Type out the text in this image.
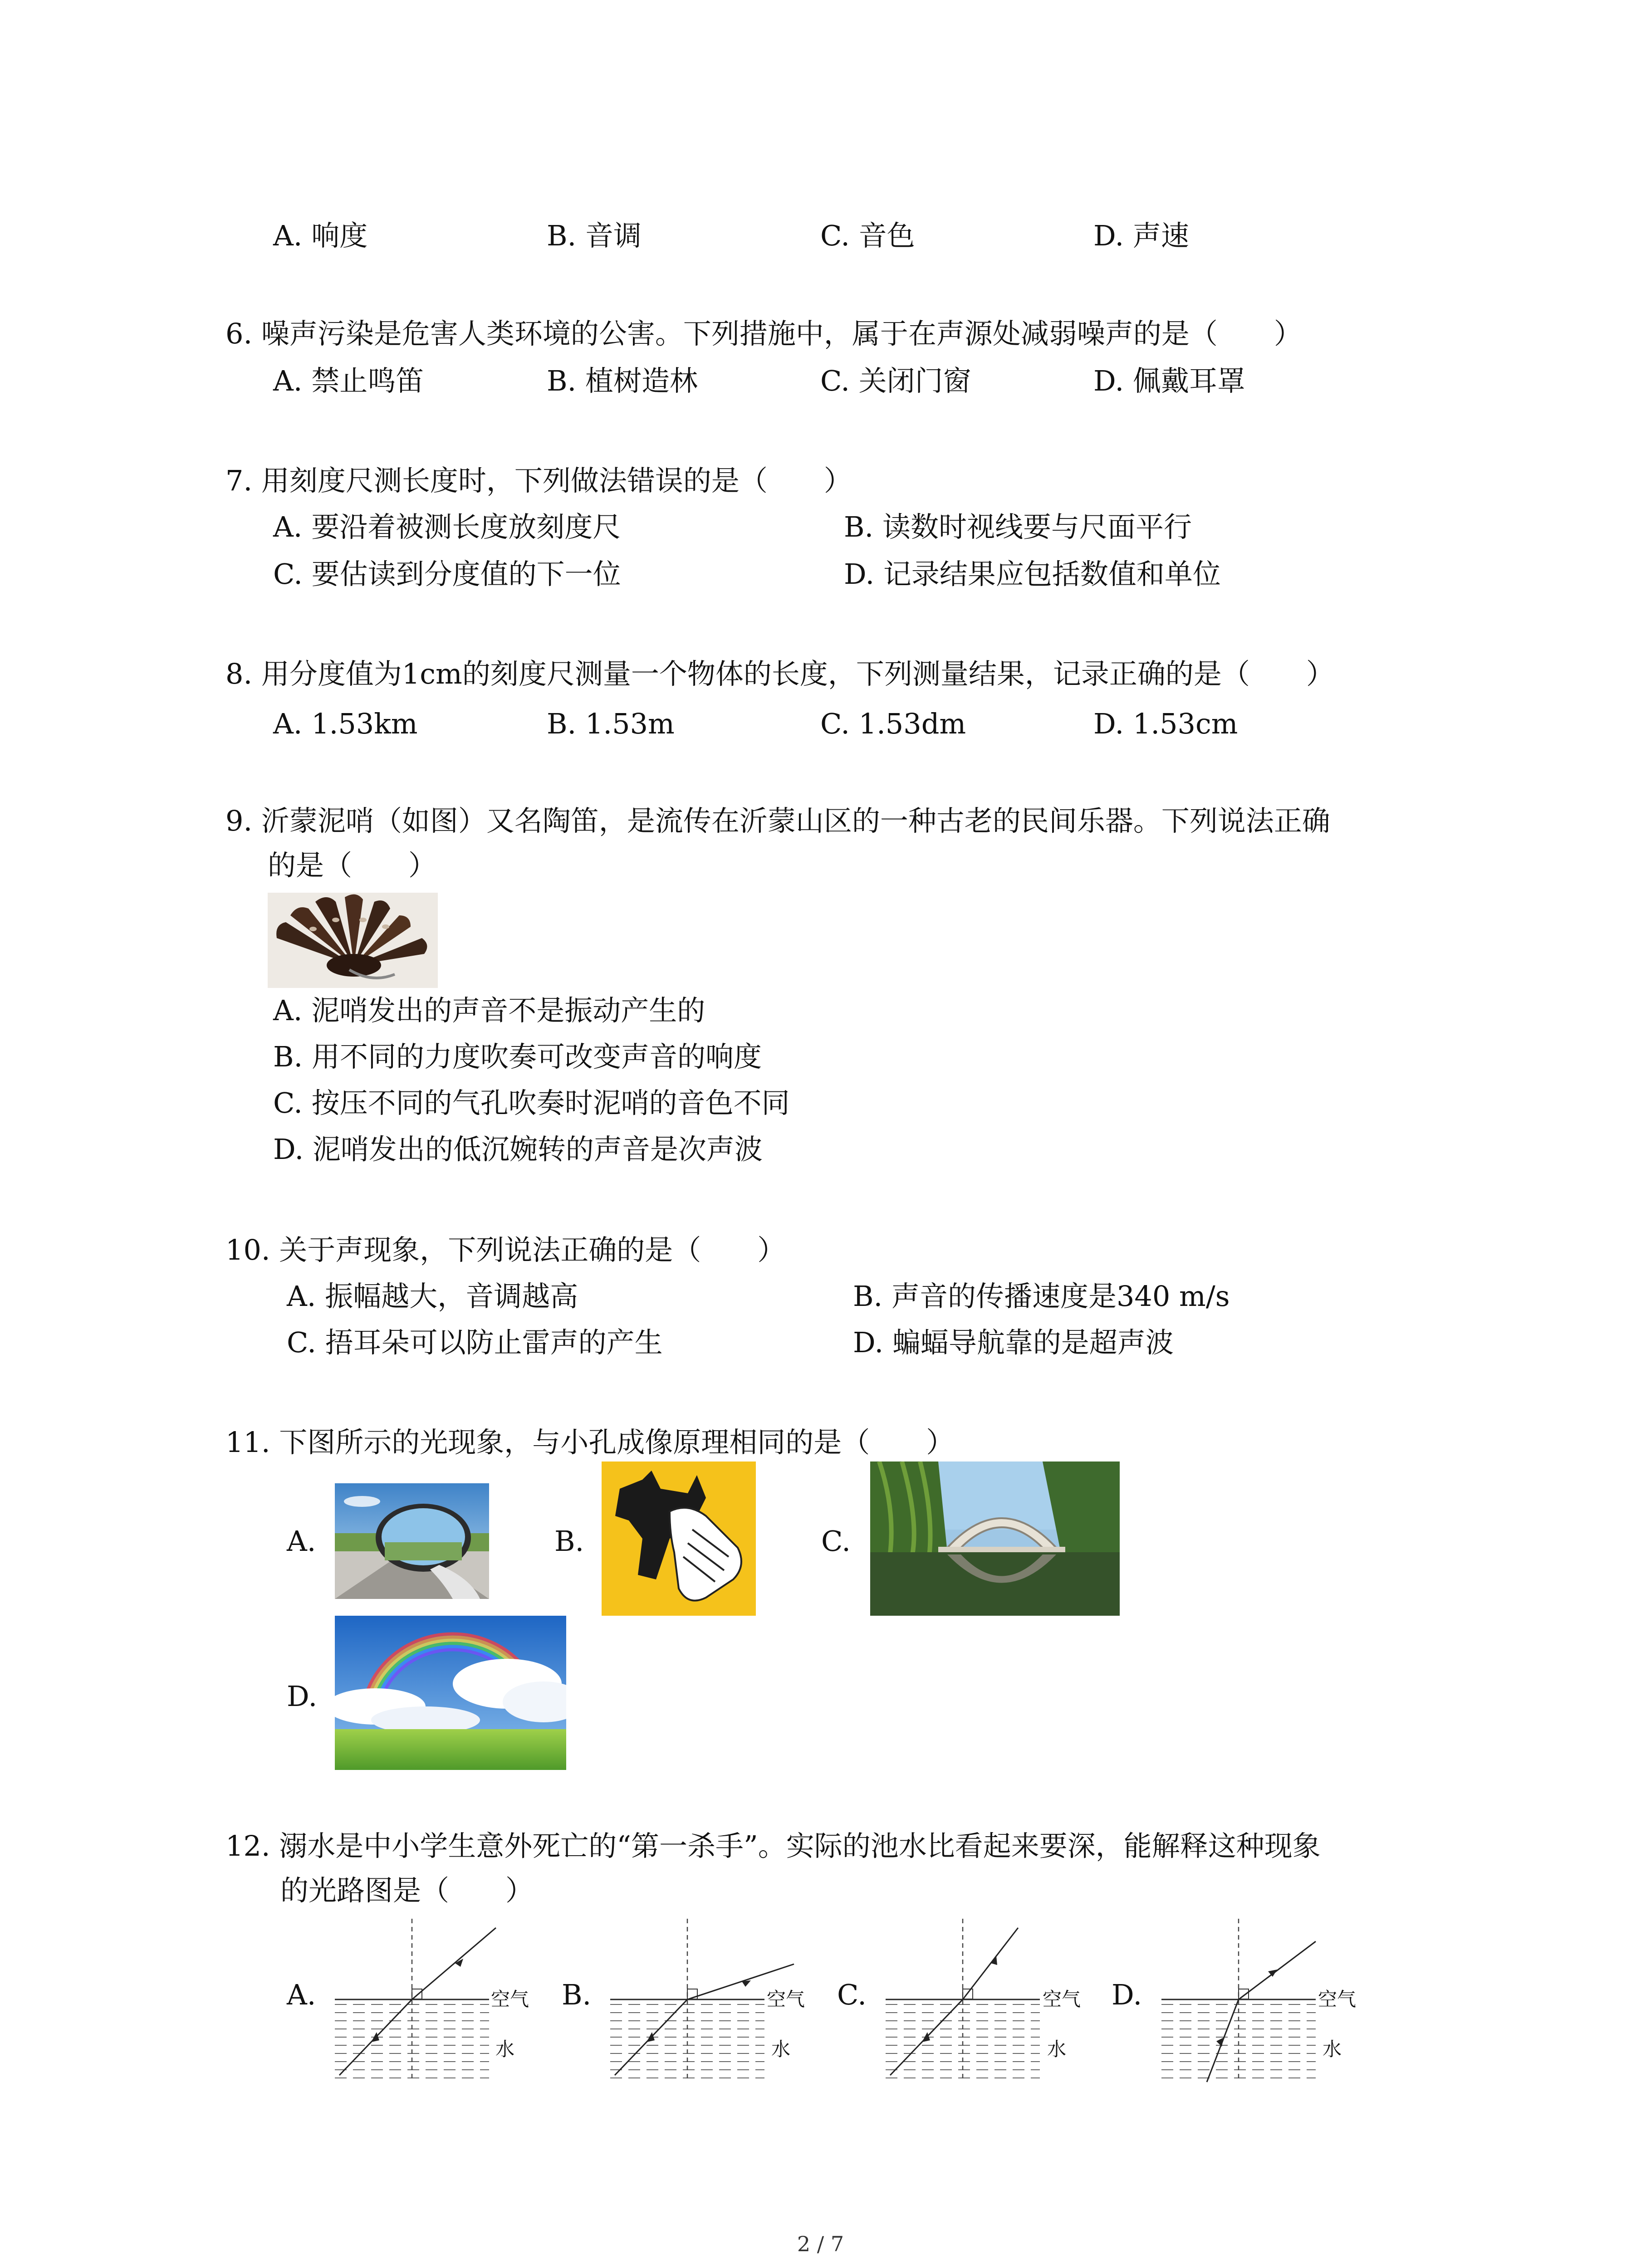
A. 响度	B. 音调	C. 音色	D. 声速
6. 噪声污染是危害人类环境的公害。下列措施中，属于在声源处减弱噪声的是（　　）
A. 禁止鸣笛	B. 植树造林	C. 关闭门窗	D. 佩戴耳罩
7. 用刻度尺测长度时，下列做法错误的是（　　）
A. 要沿着被测长度放刻度尺	B. 读数时视线要与尺面平行
C. 要估读到分度值的下一位	D. 记录结果应包括数值和单位
8. 用分度值为1cm的刻度尺测量一个物体的长度，下列测量结果，记录正确的是（　　）
A. 1.53km	B. 1.53m	C. 1.53dm	D. 1.53cm
9. 沂蒙泥哨（如图）又名陶笛，是流传在沂蒙山区的一种古老的民间乐器。下列说法正确
的是（　　）
A. 泥哨发出的声音不是振动产生的
B. 用不同的力度吹奏可改变声音的响度
C. 按压不同的气孔吹奏时泥哨的音色不同
D. 泥哨发出的低沉婉转的声音是次声波
10. 关于声现象，下列说法正确的是（　　）
A. 振幅越大，音调越高	B. 声音的传播速度是340 m/s
C. 捂耳朵可以防止雷声的产生	D. 蝙蝠导航靠的是超声波
11. 下图所示的光现象，与小孔成像原理相同的是（　　）
A.	B.	C.
D.
12. 溺水是中小学生意外死亡的“第一杀手”。实际的池水比看起来要深，能解释这种现象
的光路图是（　　）
A.	B.	C.	D.
空气
水
空气
水
空气
水
空气
水
2 / 7
